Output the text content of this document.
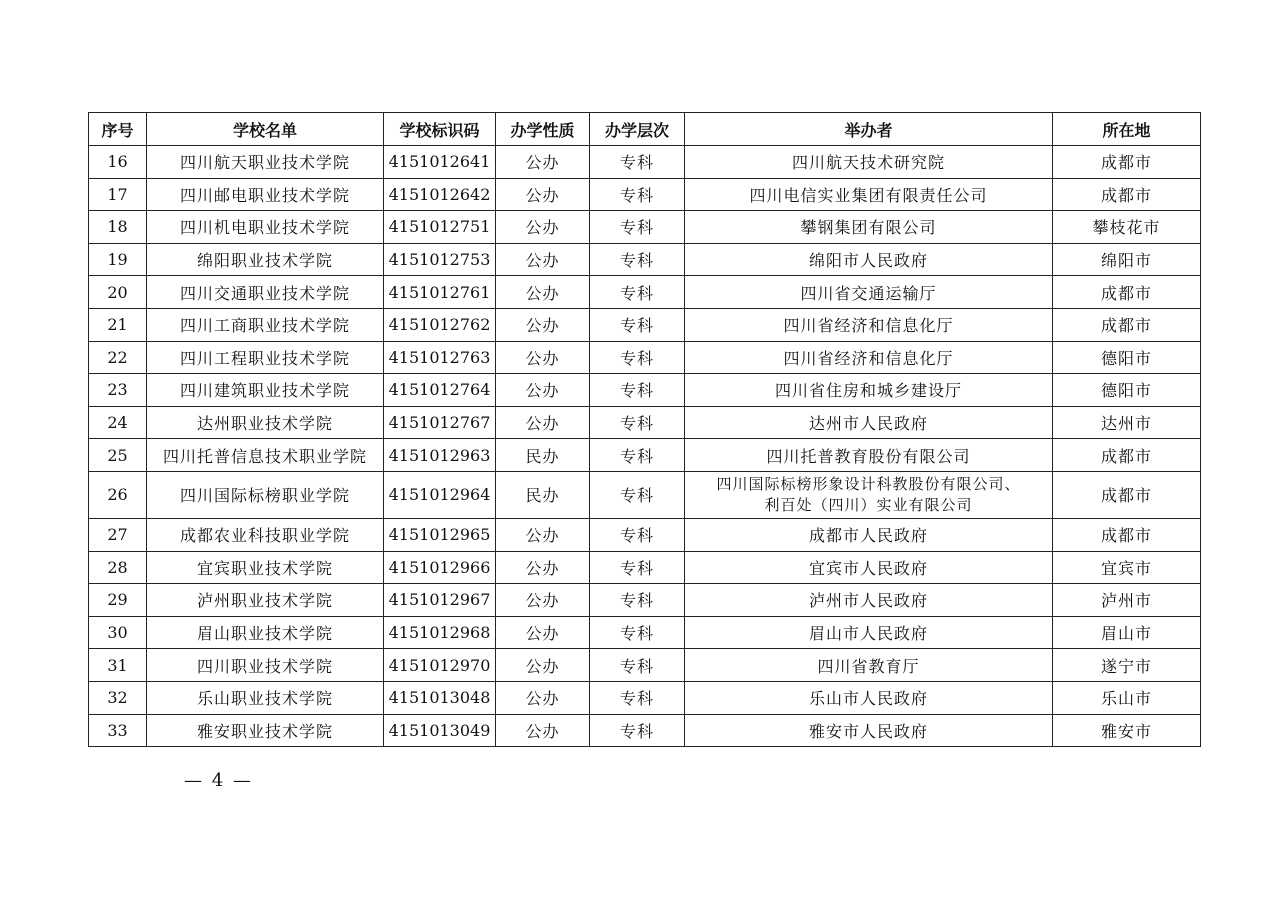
序号	学校名单	学校标识码	办学性质	办学层次	举办者	所在地
16	四川航天职业技术学院	4151012641	公办	专科	四川航天技术研究院	成都市
17	四川邮电职业技术学院	4151012642	公办	专科	四川电信实业集团有限责任公司	成都市
18	四川机电职业技术学院	4151012751	公办	专科	攀钢集团有限公司	攀枝花市
19	绵阳职业技术学院	4151012753	公办	专科	绵阳市人民政府	绵阳市
20	四川交通职业技术学院	4151012761	公办	专科	四川省交通运输厅	成都市
21	四川工商职业技术学院	4151012762	公办	专科	四川省经济和信息化厅	成都市
22	四川工程职业技术学院	4151012763	公办	专科	四川省经济和信息化厅	德阳市
23	四川建筑职业技术学院	4151012764	公办	专科	四川省住房和城乡建设厅	德阳市
24	达州职业技术学院	4151012767	公办	专科	达州市人民政府	达州市
25	四川托普信息技术职业学院	4151012963	民办	专科	四川托普教育股份有限公司	成都市
26	四川国际标榜职业学院	4151012964	民办	专科	四川国际标榜形象设计科教股份有限公司、
利百处（四川）实业有限公司	成都市
27	成都农业科技职业学院	4151012965	公办	专科	成都市人民政府	成都市
28	宜宾职业技术学院	4151012966	公办	专科	宜宾市人民政府	宜宾市
29	泸州职业技术学院	4151012967	公办	专科	泸州市人民政府	泸州市
30	眉山职业技术学院	4151012968	公办	专科	眉山市人民政府	眉山市
31	四川职业技术学院	4151012970	公办	专科	四川省教育厅	遂宁市
32	乐山职业技术学院	4151013048	公办	专科	乐山市人民政府	乐山市
33	雅安职业技术学院	4151013049	公办	专科	雅安市人民政府	雅安市
— 4 —
